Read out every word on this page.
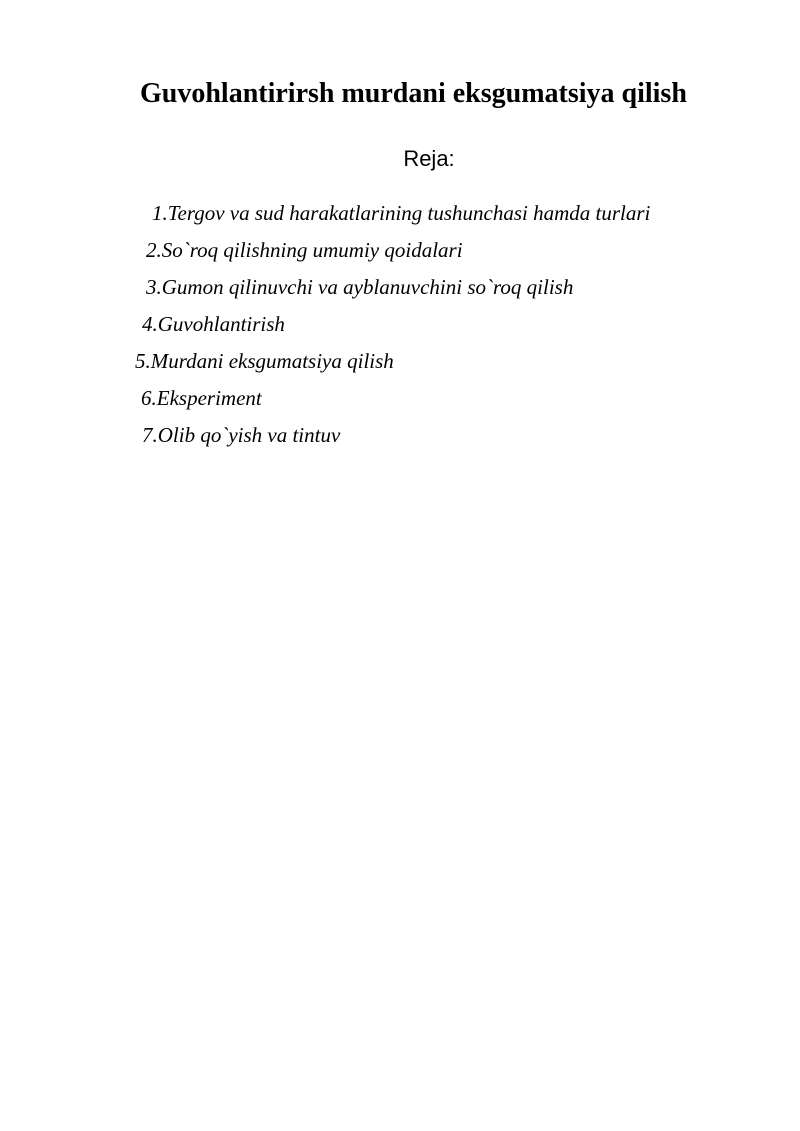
Guvohlantirirsh murdani eksgumatsiya qilish

Reja:

1.Tergov va sud harakatlarining tushunchasi hamda turlari
2.So`roq qilishning umumiy qoidalari
3.Gumon qilinuvchi va ayblanuvchini so`roq qilish
4.Guvohlantirish
5.Murdani eksgumatsiya qilish
6.Eksperiment
7.Olib qo`yish va tintuv
